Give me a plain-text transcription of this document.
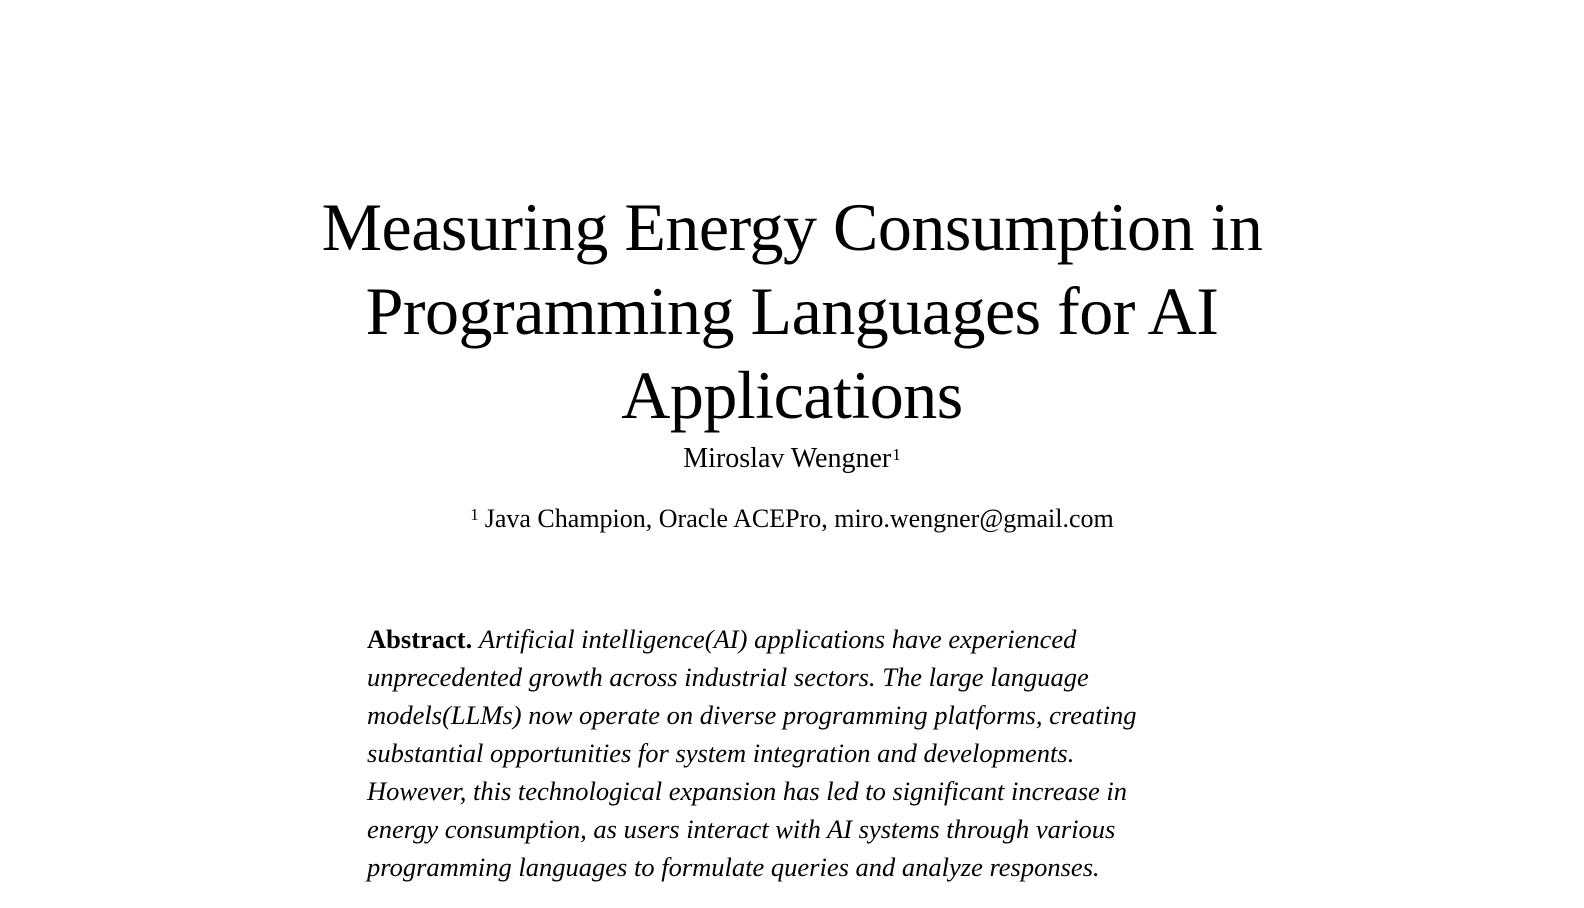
Measuring Energy Consumption in
Programming Languages for AI
Applications
Miroslav Wengner$^1$
$^1$ Java Champion, Oracle ACEPro, miro.wengner@gmail.com
Abstract. Artificial intelligence(AI) applications have experienced
unprecedented growth across industrial sectors. The large language
models(LLMs) now operate on diverse programming platforms, creating
substantial opportunities for system integration and developments.
However, this technological expansion has led to significant increase in
energy consumption, as users interact with AI systems through various
programming languages to formulate queries and analyze responses.
